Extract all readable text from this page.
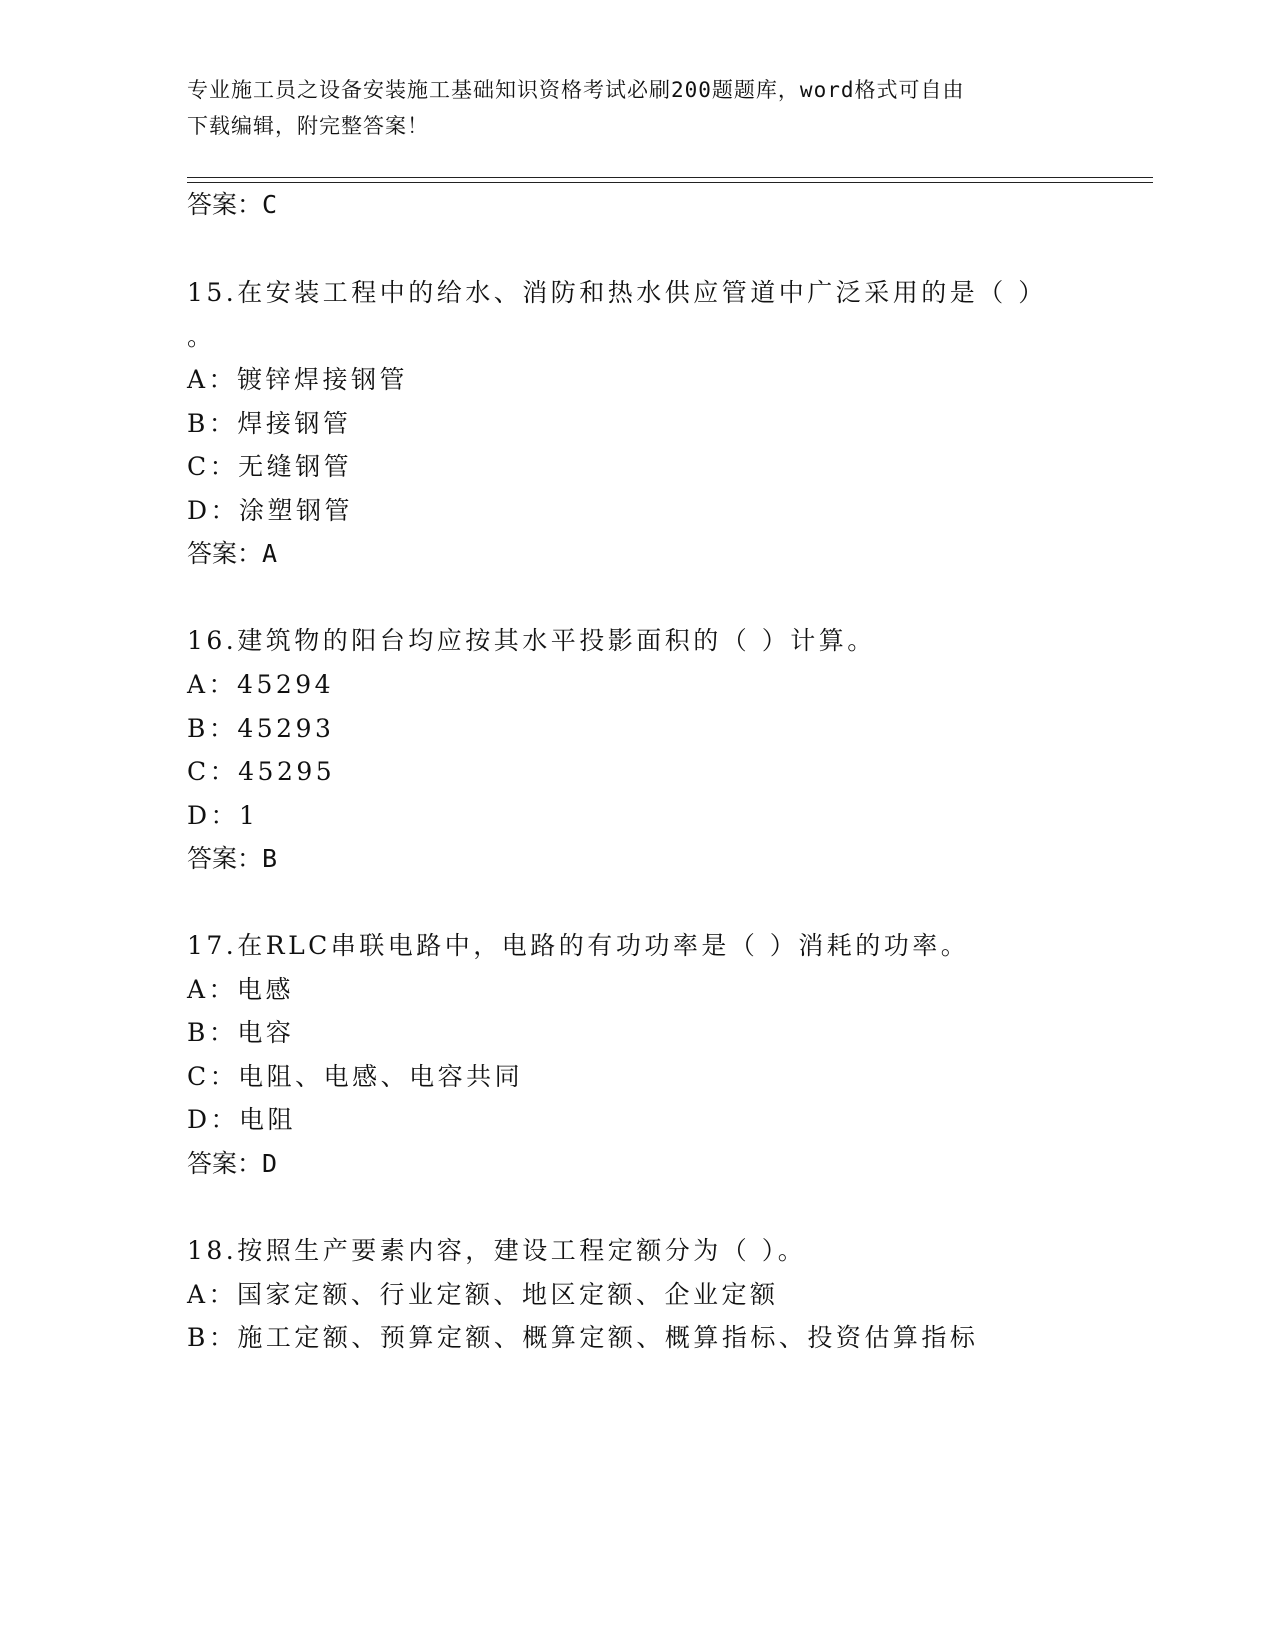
专业施工员之设备安装施工基础知识资格考试必刷200题题库，word格式可自由
下载编辑，附完整答案！
答案：C
15.在安装工程中的给水、消防和热水供应管道中广泛采用的是（ ）
。
A：镀锌焊接钢管
B：焊接钢管
C：无缝钢管
D：涂塑钢管
答案：A
16.建筑物的阳台均应按其水平投影面积的（ ）计算。
A：45294
B：45293
C：45295
D：1
答案：B
17.在RLC串联电路中，电路的有功功率是（ ）消耗的功率。
A：电感
B：电容
C：电阻、电感、电容共同
D：电阻
答案：D
18.按照生产要素内容，建设工程定额分为（ ）。
A：国家定额、行业定额、地区定额、企业定额
B：施工定额、预算定额、概算定额、概算指标、投资估算指标
